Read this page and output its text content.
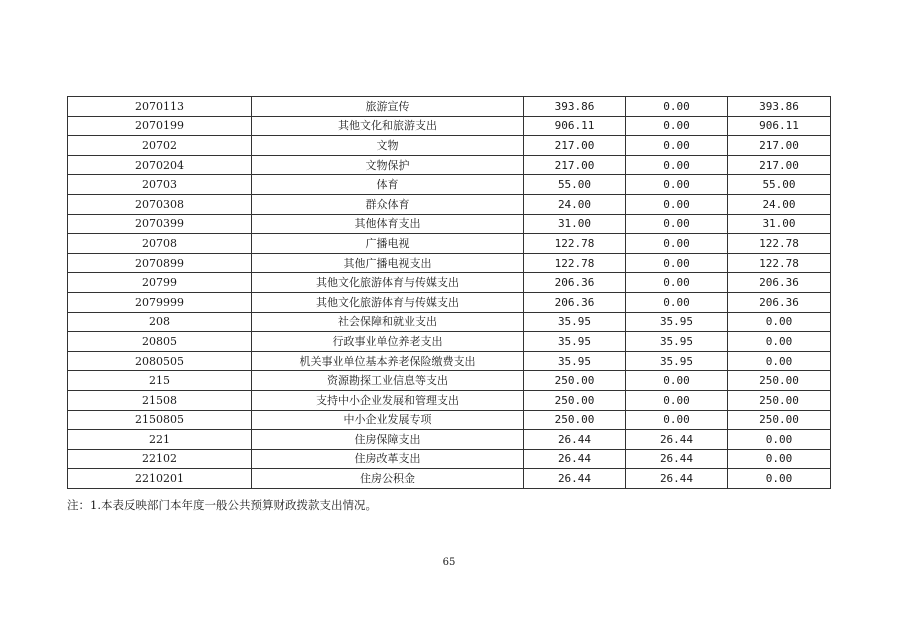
2070113	旅游宣传	393.86	0.00	393.86
2070199	其他文化和旅游支出	906.11	0.00	906.11
20702	文物	217.00	0.00	217.00
2070204	文物保护	217.00	0.00	217.00
20703	体育	55.00	0.00	55.00
2070308	群众体育	24.00	0.00	24.00
2070399	其他体育支出	31.00	0.00	31.00
20708	广播电视	122.78	0.00	122.78
2070899	其他广播电视支出	122.78	0.00	122.78
20799	其他文化旅游体育与传媒支出	206.36	0.00	206.36
2079999	其他文化旅游体育与传媒支出	206.36	0.00	206.36
208	社会保障和就业支出	35.95	35.95	0.00
20805	行政事业单位养老支出	35.95	35.95	0.00
2080505	机关事业单位基本养老保险缴费支出	35.95	35.95	0.00
215	资源勘探工业信息等支出	250.00	0.00	250.00
21508	支持中小企业发展和管理支出	250.00	0.00	250.00
2150805	中小企业发展专项	250.00	0.00	250.00
221	住房保障支出	26.44	26.44	0.00
22102	住房改革支出	26.44	26.44	0.00
2210201	住房公积金	26.44	26.44	0.00
注：1.本表反映部门本年度一般公共预算财政拨款支出情况。
65
